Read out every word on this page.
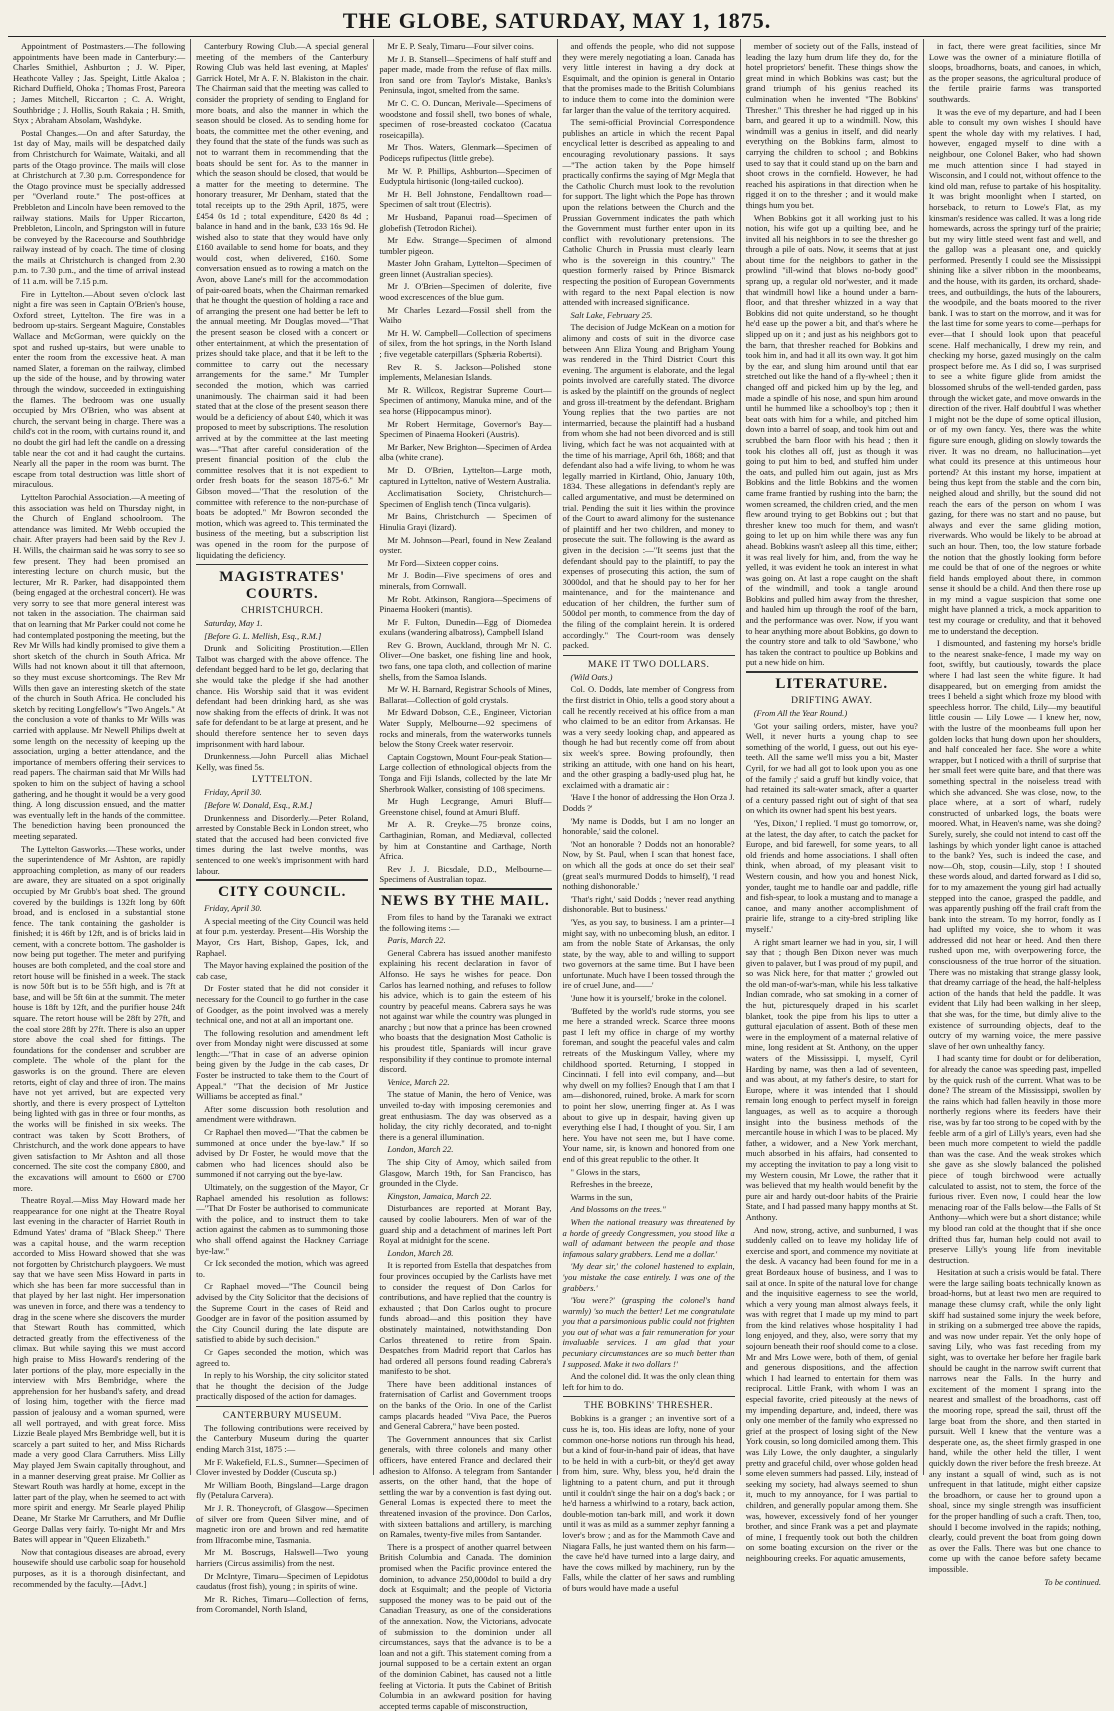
THE GLOBE, SATURDAY, MAY 1, 1875.

Appointment of Postmasters.—The following appointments have been made in Canterbury:—Charles Smithiel, Ashburton ; J. W. Piper, Heathcote Valley ; Jas. Speight, Little Akaloa ; Richard Duffield, Ohoka ; Thomas Frost, Pareora ; James Mitchell, Riccarton ; C. A. Wright, Southbridge ; J. Hollis, South Rakaia ; H. Smith, Styx ; Abraham Absolam, Washdyke.

Postal Changes.—On and after Saturday, the 1st day of May, mails will be despatched daily from Christchurch for Waimate, Waitaki, and all parts of the Otago province. The mails will close at Christchurch at 7.30 p.m. Correspondence for the Otago province must be specially addressed per "Overland route." The post-offices at Prebbleton and Lincoln have been removed to the railway stations. Mails for Upper Riccarton, Prebbleton, Lincoln, and Springston will in future be conveyed by the Racecourse and Southbridge railway instead of by coach. The time of closing the mails at Christchurch is changed from 2.30 p.m. to 7.30 p.m., and the time of arrival instead of 11 a.m. will be 7.15 p.m.

Fire in Lyttelton.—About seven o'clock last night a fire was seen in Captain O'Brien's house, Oxford street, Lyttelton. The fire was in a bedroom up-stairs. Sergeant Maguire, Constables Wallace and McGorman, were quickly on the spot and rushed up-stairs, but were unable to enter the room from the excessive heat. A man named Slater, a foreman on the railway, climbed up the side of the house, and by throwing water through the window, succeeded in extinguishing the flames. The bedroom was one usually occupied by Mrs O'Brien, who was absent at church, the servant being in charge. There was a child's cot in the room, with curtains round it, and no doubt the girl had left the candle on a dressing table near the cot and it had caught the curtains. Nearly all the paper in the room was burnt. The escape from total destruction was little short of miraculous.

Lyttelton Parochial Association.—A meeting of this association was held on Thursday night, in the Church of England schoolroom. The attendance was limited. Mr Webb occupied the chair. After prayers had been said by the Rev J. H. Wills, the chairman said he was sorry to see so few present. They had been promised an interesting lecture on church music, but the lecturer, Mr R. Parker, had disappointed them (being engaged at the orchestral concert). He was very sorry to see that more general interest was not taken in the association. The chairman said that on learning that Mr Parker could not come he had contemplated postponing the meeting, but the Rev Mr Wills had kindly promised to give them a short sketch of the church in South Africa. Mr Wills had not known about it till that afternoon, so they must excuse shortcomings. The Rev Mr Wills then gave an interesting sketch of the state of the church in South Africa. He concluded his sketch by reciting Longfellow's "Two Angels." At the conclusion a vote of thanks to Mr Wills was carried with applause. Mr Newell Philips dwelt at some length on the necessity of keeping up the association, urging a better attendance, and the importance of members offering their services to read papers. The chairman said that Mr Wills had spoken to him on the subject of having a school gathering, and he thought it would be a very good thing. A long discussion ensued, and the matter was eventually left in the hands of the committee. The benediction having been pronounced the meeting separated.

The Lyttelton Gasworks.—These works, under the superintendence of Mr Ashton, are rapidly approaching completion, as many of our readers are aware, they are situated on a spot originally occupied by Mr Grubb's boat shed. The ground covered by the buildings is 132ft long by 60ft broad, and is enclosed in a substantial stone fence. The tank containing the gasholder is finished; it is 46ft by 12ft, and is of bricks laid in cement, with a concrete bottom. The gasholder is now being put together. The meter and purifying houses are both completed, and the coal store and retort house will be finished in a week. The stack is now 50ft but is to be 55ft high, and is 7ft at base, and will be 5ft 6in at the summit. The meter house is 18ft by 12ft, and the purifier house 24ft square. The retort house will be 28ft by 27ft, and the coal store 28ft by 27ft. There is also an upper store above the coal shed for fittings. The foundations for the condenser and scrubber are complete. The whole of the plant for the gasworks is on the ground. There are eleven retorts, eight of clay and three of iron. The mains have not yet arrived, but are expected very shortly, and there is every prospect of Lyttelton being lighted with gas in three or four months, as the works will be finished in six weeks. The contract was taken by Scott Brothers, of Christchurch, and the work done appears to have given satisfaction to Mr Ashton and all those concerned. The site cost the company £800, and the excavations will amount to £600 or £700 more.

Theatre Royal.—Miss May Howard made her reappearance for one night at the Theatre Royal last evening in the character of Harriet Routh in Edmund Yates' drama of "Black Sheep." There was a capital house, and the warm reception accorded to Miss Howard showed that she was not forgotten by Christchurch playgoers. We must say that we have seen Miss Howard in parts in which she has been far more successful than in that played by her last night. Her impersonation was uneven in force, and there was a tendency to drag in the scene where she discovers the murder that Stewart Routh has committed, which detracted greatly from the effectiveness of the climax. But while saying this we must accord high praise to Miss Howard's rendering of the later portions of the play, more especially in the interview with Mrs Bembridge, where the apprehension for her husband's safety, and dread of losing him, together with the fierce mad passion of jealousy and a woman spurned, were all well portrayed, and with great force. Miss Lizzie Beale played Mrs Bembridge well, but it is scarcely a part suited to her, and Miss Richards made a very good Clara Carruthers. Miss Lilly May played Jem Swain capitally throughout, and in a manner deserving great praise. Mr Collier as Stewart Routh was hardly at home, except in the latter part of the play, when he seemed to act with more spirit and energy. Mr Searle played Philip Deane, Mr Starke Mr Carruthers, and Mr Duflie George Dallas very fairly. To-night Mr and Mrs Bates will appear in "Queen Elizabeth."

Now that contagious diseases are abroad, every housewife should use carbolic soap for household purposes, as it is a thorough disinfectant, and recommended by the faculty.—[Advt.]

Canterbury Rowing Club.—A special general meeting of the members of the Canterbury Rowing Club was held last evening, at Maples' Garrick Hotel, Mr A. F. N. Blakiston in the chair. The Chairman said that the meeting was called to consider the propriety of sending to England for more boats, and also the manner in which the season should be closed. As to sending home for boats, the committee met the other evening, and they found that the state of the funds was such as not to warrant them in recommending that the boats should be sent for. As to the manner in which the season should be closed, that would be a matter for the meeting to determine. The honorary treasurer, Mr Denham, stated that the total receipts up to the 29th April, 1875, were £454 0s 1d ; total expenditure, £420 8s 4d ; balance in hand and in the bank, £33 16s 9d. He wished also to state that they would have only £160 available to send home for boats, and they would cost, when delivered, £160. Some conversation ensued as to rowing a match on the Avon, above Lane's mill for the accommodation of pair-oared boats, when the Chairman remarked that he thought the question of holding a race and of arranging the present one had better be left to the annual meeting. Mr Douglas moved—"That the present season be closed with a concert or other entertainment, at which the presentation of prizes should take place, and that it be left to the committee to carry out the necessary arrangements for the same." Mr Tumpler seconded the motion, which was carried unanimously. The chairman said it had been stated that at the close of the present season there would be a deficiency of about £40, which it was proposed to meet by subscriptions. The resolution arrived at by the committee at the last meeting was—"That after careful consideration of the present financial position of the club the committee resolves that it is not expedient to order fresh boats for the season 1875-6." Mr Gibson moved—"That the resolution of the committee with reference to the non-purchase of boats be adopted." Mr Bowron seconded the motion, which was agreed to. This terminated the business of the meeting, but a subscription list was opened in the room for the purpose of liquidating the deficiency.

MAGISTRATES' COURTS.
CHRISTCHURCH.

Saturday, May 1.

[Before G. L. Mellish, Esq., R.M.]

Drunk and Soliciting Prostitution.—Ellen Talbot was charged with the above offence. The defendant begged hard to be let go, declaring that she would take the pledge if she had another chance. His Worship said that it was evident defendant had been drinking hard, as she was now shaking from the effects of drink. It was not safe for defendant to be at large at present, and he should therefore sentence her to seven days imprisonment with hard labour.

Drunkenness.—John Purcell alias Michael Kelly, was fined 5s.

LYTTELTON.

Friday, April 30.

[Before W. Donald, Esq., R.M.]

Drunkenness and Disorderly.—Peter Roland, arrested by Constable Beck in London street, who stated that the accused had been convicted five times during the last twelve months, was sentenced to one week's imprisonment with hard labour.

CITY COUNCIL.

Friday, April 30.

A special meeting of the City Council was held at four p.m. yesterday. Present—His Worship the Mayor, Crs Hart, Bishop, Gapes, Ick, and Raphael.

The Mayor having explained the position of the cab case,

Dr Foster stated that he did not consider it necessary for the Council to go further in the case of Goodger, as the point involved was a merely technical one, and not at all an important one.

The following resolution and amendment left over from Monday night were discussed at some length:—"That in case of an adverse opinion being given by the Judge in the cab cases, Dr Foster be instructed to take them to the Court of Appeal." "That the decision of Mr Justice Williams be accepted as final."

After some discussion both resolution and amendment were withdrawn.

Cr Raphael then moved—"That the cabmen be summoned at once under the bye-law." If so advised by Dr Foster, he would move that the cabmen who had licences should also be summoned if not carrying out the bye-law.

Ultimately, on the suggestion of the Mayor, Cr Raphael amended his resolution as follows:—"That Dr Foster be authorised to communicate with the police, and to instruct them to take action against the cabmen as to summoning those who shall offend against the Hackney Carriage bye-law."

Cr Ick seconded the motion, which was agreed to.

Cr Raphael moved—"The Council being advised by the City Solicitor that the decisions of the Supreme Court in the cases of Reid and Goodger are in favor of the position assumed by the City Council during the late dispute are satisfied to abide by such decision."

Cr Gapes seconded the motion, which was agreed to.

In reply to his Worship, the city solicitor stated that he thought the decision of the Judge practically disposed of the action for damages.

CANTERBURY MUSEUM.

The following contributions were received by the Canterbury Museum during the quarter ending March 31st, 1875 :—

Mr F. Wakefield, F.L.S., Sumner—Specimen of Clover invested by Dodder (Cuscuta sp.)

Mr William Booth, Bingsland—Large dragon fly (Petalura Carvera).

Mr J. R. Thoneycroft, of Glasgow—Specimen of silver ore from Queen Silver mine, and of magnetic iron ore and brown and red hæmatite from Ilfracombe mine, Tasmania.

Mr M. Boscrugs, Halswell—Two young harriers (Circus assimilis) from the nest.

Dr McIntyre, Timaru—Specimen of Lepidotus caudatus (frost fish), young ; in spirits of wine.

Mr R. Riches, Timaru—Collection of ferns, from Coromandel, North Island,

Mr E. P. Sealy, Timaru—Four silver coins.

Mr J. B. Stansell—Specimens of half stuff and paper made, made from the refuse of flax mills. Iron sand ore from Taylor's Mistake, Banks's Peninsula, ingot, smelted from the same.

Mr C. C. O. Duncan, Merivale—Specimens of woodstone and fossil shell, two bones of whale, specimen of rose-breasted cockatoo (Cacatua roseicapilla).

Mr Thos. Waters, Glenmark—Specimen of Podiceps rufipectus (little grebe).

Mr W. P. Phillips, Ashburton—Specimen of Eudyptula hirtisonic (long-tailed cuckoo).

Mr H. Bell Johnstone, Fendalltown road—Specimen of salt trout (Electris).

Mr Husband, Papanui road—Specimen of globefish (Tetrodon Richei).

Mr Edw. Strange—Specimen of almond tumbler pigeon.

Master John Graham, Lyttelton—Specimen of green linnet (Australian species).

Mr J. O'Brien—Specimen of dolerite, five wood excrescences of the blue gum.

Mr Charles Lezard—Fossil shell from the Waiho

Mr H. W. Campbell—Collection of specimens of silex, from the hot springs, in the North Island ; five vegetable caterpillars (Sphæria Robertsi).

Rev R. S. Jackson—Polished stone implements, Melanesian Islands.

Mr R. Willcox, Registrar Supreme Court—Specimen of antimony, Manuka mine, and of the sea horse (Hippocampus minor).

Mr Robert Hermitage, Governor's Bay—Specimen of Pinaema Hookeri (Austris).

Mr Barker, New Brighton—Specimen of Ardea alba (white crane).

Mr D. O'Brien, Lyttelton—Large moth, captured in Lyttelton, native of Western Australia.

Acclimatisation Society, Christchurch—Specimen of English tench (Tinca vulgaris).

Mr Bains, Christchurch — Specimen of Hinulia Grayi (lizard).

Mr M. Johnson—Pearl, found in New Zealand oyster.

Mr Ford—Sixteen copper coins.

Mr J. Bodin—Five specimens of ores and minerals, from Cornwall.

Mr Robt. Atkinson, Rangiora—Specimens of Pinaema Hookeri (mantis).

Mr F. Fulton, Dunedin—Egg of Diomedea exulans (wandering albatross), Campbell Island

Rev G. Brown, Auckland, through Mr N. C. Oliver—One basket, one fishing line and hook, two fans, one tapa cloth, and collection of marine shells, from the Samoa Islands.

Mr W. H. Barnard, Registrar Schools of Mines, Ballarat—Collection of gold crystals.

Mr Edward Dobson, C.E., Engineer, Victorian Water Supply, Melbourne—92 specimens of rocks and minerals, from the waterworks tunnels below the Stony Creek water reservoir.

Captain Cogstown, Mount Four-peak Station—Large collection of ethnological objects from the Tonga and Fiji Islands, collected by the late Mr Sherbrook Walker, consisting of 108 specimens.

Mr Hugh Lecgrange, Amuri Bluff—Greenstone chisel, found at Amuri Bluff.

Mr A. R. Creyke—75 bronze coins, Carthaginian, Roman, and Mediæval, collected by him at Constantine and Carthage, North Africa.

Rev J. J. Bicsdale, D.D., Melbourne—Specimens of Australian topaz.

NEWS BY THE MAIL.

From files to hand by the Taranaki we extract the following items :—

Paris, March 22.

General Cabrera has issued another manifesto explaining his recent declaration in favor of Alfonso. He says he wishes for peace. Don Carlos has learned nothing, and refuses to follow his advice, which is to gain the esteem of his country by peaceful means. Cabrera says he was not against war while the country was plunged in anarchy ; but now that a prince has been crowned who boasts that the designation Most Catholic is his proudest title, Spaniards will incur grave responsibility if they continue to promote internal discord.

Venice, March 22.

The statue of Manin, the hero of Venice, was unveiled to-day with imposing ceremonies and great enthusiasm. The day was observed as a holiday, the city richly decorated, and to-night there is a general illumination.

London, March 22.

The ship City of Amoy, which sailed from Glasgow, March 19th, for San Francisco, has grounded in the Clyde.

Kingston, Jamaica, March 22.

Disturbances are reported at Morant Bay, caused by coolie labourers. Men of war of the guard ship and a detachment of marines left Port Royal at midnight for the scene.

London, March 28.

It is reported from Estella that despatches from four provinces occupied by the Carlists have met to consider the request of Don Carlos for contributions, and have replied that the country is exhausted ; that Don Carlos ought to procure funds abroad—and this position they have obstinately maintained, notwithstanding Don Carlos threatened to retire from Spain. Despatches from Madrid report that Carlos has had ordered all persons found reading Cabrera's manifesto to be shot.

There have been additional instances of fraternisation of Carlist and Government troops on the banks of the Orio. In one of the Carlist camps placards headed "Viva Pace, the Pueros and General Cabrera," have been posted.

The Government announces that six Carlist generals, with three colonels and many other officers, have entered France and declared their adhesion to Alfonso. A telegram from Santander asserts, on the other hand, that the hope of settling the war by a convention is fast dying out. General Lomas is expected there to meet the threatened invasion of the province. Don Carlos, with sixteen battalions and artillery, is marching on Ramales, twenty-five miles from Santander.

There is a prospect of another quarrel between British Columbia and Canada. The dominion promised when the Pacific province entered the dominion, to advance 250,000dol to build a dry dock at Esquimalt; and the people of Victoria supposed the money was to be paid out of the Canadian Treasury, as one of the considerations of the annexation. Now, the Victorians, advocate of submission to the dominion under all circumstances, says that the advance is to be a loan and not a gift. This statement coming from a journal supposed to be a certain extent an organ of the dominion Cabinet, has caused not a little feeling at Victoria. It puts the Cabinet of British Columbia in an awkward position for having accepted terms capable of misconstruction,

and offends the people, who did not suppose they were merely negotiating a loan. Canada has very little interest in having a dry dock at Esquimalt, and the opinion is general in Ontario that the promises made to the British Columbians to induce them to come into the dominion were far larger than the value of the territory acquired.

The semi-official Provincial Correspondence publishes an article in which the recent Papal encyclical letter is described as appealing to and encouraging revolutionary passions. It says—"The action taken by the Pope himself practically confirms the saying of Mgr Megla that the Catholic Church must look to the revolution for support. The light which the Pope has thrown upon the relations between the Church and the Prussian Government indicates the path which the Government must further enter upon in its conflict with revolutionary pretensions. The Catholic Church in Prussia must clearly learn who is the sovereign in this country." The question formerly raised by Prince Bismarck respecting the position of European Governments with regard to the next Papal election is now attended with increased significance.

Salt Lake, February 25.

The decision of Judge McKean on a motion for alimony and costs of suit in the divorce case between Ann Eliza Young and Brigham Young was rendered in the Third District Court this evening. The argument is elaborate, and the legal points involved are carefully stated. The divorce is asked by the plaintiff on the grounds of neglect and gross ill-treatment by the defendant. Brigham Young replies that the two parties are not intermarried, because the plaintiff had a husband from whom she had not been divorced and is still living, which fact he was not acquainted with at the time of his marriage, April 6th, 1868; and that defendant also had a wife living, to whom he was legally married in Kirtland, Ohio, January 10th, 1834. These allegations in defendant's reply are called argumentative, and must be determined on trial. Pending the suit it lies within the province of the Court to award alimony for the sustenance of plaintiff and her two children, and money to prosecute the suit. The following is the award as given in the decision :—"It seems just that the defendant should pay to the plaintiff, to pay the expenses of prosecuting this action, the sum of 3000dol, and that he should pay to her for her maintenance, and for the maintenance and education of her children, the further sum of 500dol per month, to commence from the day of the filing of the complaint herein. It is ordered accordingly." The Court-room was densely packed.

MAKE IT TWO DOLLARS.

(Wild Oats.)

Col. O. Dodds, late member of Congress from the first district in Ohio, tells a good story about a call he recently received at his office from a man who claimed to be an editor from Arkansas. He was a very seedy looking chap, and appeared as though he had but recently come off from about six week's spree. Bowing profoundly, then striking an attitude, with one hand on his heart, and the other grasping a badly-used plug hat, he exclaimed with a dramatic air :

'Have I the honor of addressing the Hon Orza J. Dodds ?'

'My name is Dodds, but I am no longer an honorable,' said the colonel.

'Not an honorable ? Dodds not an honorable? Now, by St. Paul, when I scan that honest face, on which all the gods at once do set their seal' (great seal's murmured Dodds to himself), 'I read nothing dishonorable.'

'That's right,' said Dodds ; 'never read anything dishonorable. But to business.'

'Yes, as you say, to business. I am a printer—I might say, with no unbecoming blush, an editor. I am from the noble State of Arkansas, the only state, by the way, able to and willing to support two governors at the same time. But I have been unfortunate. Much have I been tossed through the ire of cruel June, and——'

'June how it is yourself,' broke in the colonel.

'Buffeted by the world's rude storms, you see me here a stranded wreck. Scarce three moons past I left my office in charge of my worthy foreman, and sought the peaceful vales and calm retreats of the Muskingum Valley, where my childhood sported. Returning, I stopped in Cincinnati. I fell into evil company, and—but why dwell on my follies? Enough that I am that I am—dishonored, ruined, broke. A mark for scorn to point her slow, unerring finger at. As I was about to give up in despair, having given up everything else I had, I thought of you. Sir, I am here. You have not seen me, but I have come. Your name, sir, is known and honored from one end of this great republic to the other. It

" Glows in the stars,

Refreshes in the breeze,

Warms in the sun,

And blossoms on the trees."

When the national treasury was threatened by a horde of greedy Congressmen, you stood like a wall of adamant between the people and those infamous salary grabbers. Lend me a dollar.'

'My dear sir,' the colonel hastened to explain, 'you mistake the case entirely. I was one of the grabbers.'

'You were?' (grasping the colonel's hand warmly) 'so much the better! Let me congratulate you that a parsimonious public could not frighten you out of what was a fair remuneration for your invaluable services. I am glad that your pecuniary circumstances are so much better than I supposed. Make it two dollars !'

And the colonel did. It was the only clean thing left for him to do.

THE BOBKINS' THRESHER.

Bobkins is a granger ; an inventive sort of a cuss he is, too. His ideas are lofty, none of your common one-horse notions run through his head, but a kind of four-in-hand pair of ideas, that have to be held in with a curb-bit, or they'd get away from him, sure. Why, bless you, he'd drain the lightning to a patent churn, and put it through until it couldn't singe the hair on a dog's back ; or he'd harness a whirlwind to a rotary, back action, double-motion tan-bark mill, and work it down until it was as mild as a summer zephyr fanning a lover's brow ; and as for the Mammoth Cave and Niagara Falls, he just wanted them on his farm—the cave he'd have turned into a large dairy, and have the cows milked by machinery, run by the Falls, while the clatter of her saws and rumbling of burs would have made a useful

member of society out of the Falls, instead of leading the lazy hum drum life they do, for the hotel proprietors' benefit. These things show the great mind in which Bobkins was cast; but the grand triumph of his genius reached its culmination when he invented "The Bobkins' Thresher." This thresher he had rigged up in his barn, and geared it up to a windmill. Now, this windmill was a genius in itself, and did nearly everything on the Bobkins farm, almost to carrying the children to school ; and Bobkins used to say that it could stand up on the barn and shoot crows in the cornfield. However, he had reached his aspirations in that direction when he rigged it on to the thresher ; and it would make things hum you bet.

When Bobkins got it all working just to his notion, his wife got up a quilting bee, and he invited all his neighbors in to see the thresher go through a pile of oats. Now, it seems that at just about time for the neighbors to gather in the prowlind "ill-wind that blows no-body good" sprang up, a regular old nor'wester, and it made that windmill howl like a hound under a barn-floor, and that thresher whizzed in a way that Bobkins did not quite understand, so he thought he'd ease up the power a bit, and that's where he slipped up on it ; and just as his neighbors got to the barn, that thresher reached for Bobkins and took him in, and had it all its own way. It got him by the ear, and slung him around until that ear stretched out like the hand of a fly-wheel ; then it changed off and picked him up by the leg, and made a spindle of his nose, and spun him around until he hummed like a schoolboy's top ; then it beat oats with him for a while, and pitched him down into a barrel of soap, and took him out and scrubbed the barn floor with his head ; then it took his clothes all off, just as though it was going to put him to bed, and stuffed him under the oats, and pulled him out again, just as Mrs Bobkins and the little Bobkins and the women came frame frantied by rushing into the barn; the women screamed, the children cried, and the men flew around trying to get Bobkins out ; but that thresher knew too much for them, and wasn't going to let up on him while there was any fun ahead. Bobkins wasn't asleep all this time, either; it was real lively for him, and, from the way he yelled, it was evident he took an interest in what was going on. At last a rope caught on the shaft of the windmill, and took a tangle around Bobkins and pulled him away from the thresher, and hauled him up through the roof of the barn, and the performance was over. Now, if you want to hear anything more about Bobkins, go down to the country store and talk to old 'Sawbone,' who has taken the contract to poultice up Bobkins and put a new hide on him.

LITERATURE.
DRIFTING AWAY.

(From All the Year Round.)

'Got your sailing orders, mister, have you? Well, it never hurts a young chap to see something of the world, I guess, out out his eye-teeth. All the same we'll miss you a bit, Master Cyril, for we had all got to look upon you as one of the family ;' said a gruff but kindly voice, that had retained its salt-water smack, after a quarter of a century passed right out of sight of that sea on which its owner had spent his best years.

'Yes, Dixon,' I replied. 'I must go tomorrow, or, at the latest, the day after, to catch the packet for Europe, and bid farewell, for some years, to all old friends and home associations. I shall often think, when abroad, of my pleasant visit to Western cousin, and how you and honest Nick, yonder, taught me to handle oar and paddle, rifle and fish-spear, to look a mustang and to manage a canoe, and many another accomplishment of prairie life, strange to a city-bred stripling like myself.'

A right smart learner we had in you, sir, I will say that ; though Ben Dixon never was much given to palaver, but I was proud of my pupil, and so was Nick here, for that matter ;' growled out the old man-of-war's-man, while his less talkative Indian comrade, who sat smoking in a corner of the hut, picturesquely draped in his scarlet blanket, took the pipe from his lips to utter a guttural ejaculation of assent. Both of these men were in the employment of a maternal relative of mine, long resident at St. Anthony, on the upper waters of the Mississippi. I, myself, Cyril Harding by name, was then a lad of seventeen, and was about, at my father's desire, to start for Europe, where it was intended that I should remain long enough to perfect myself in foreign languages, as well as to acquire a thorough insight into the business methods of the mercantile house in which I was to be placed. My father, a widower, and a New York merchant, much absorbed in his affairs, had consented to my accepting the invitation to pay a long visit to my Western cousin, Mr Lowe, the rather that it was believed that my health would benefit by the pure air and hardy out-door habits of the Prairie State, and I had passed many happy months at St. Anthony.

And now, strong, active, and sunburned, I was suddenly called on to leave my holiday life of exercise and sport, and commence my novitiate at the desk. A vacancy had been found for me in a great Bordeaux house of business, and I was to sail at once. In spite of the natural love for change and the inquisitive eagerness to see the world, which a very young man almost always feels, it was with regret that I made up my mind to part from the kind relatives whose hospitality I had long enjoyed, and they, also, were sorry that my sojourn beneath their roof should come to a close. Mr and Mrs Lowe were, both of them, of genial and generous dispositions, and the affection which I had learned to entertain for them was reciprocal. Little Frank, with whom I was an especial favorite, cried piteously at the news of my impending departure, and, indeed, there was only one member of the family who expressed no grief at the prospect of losing sight of the New York cousin, so long domiciled among them. This was Lily Lowe, the only daughter, a singularly pretty and graceful child, over whose golden head some eleven summers had passed. Lily, instead of seeking my society, had always seemed to shun it, much to my annoyance, for I was partial to children, and generally popular among them. She was, however, excessively fond of her younger brother, and since Frank was a pet and playmate of mine, I frequently took out both the children on some boating excursion on the river or the neighbouring creeks. For aquatic amusements,

in fact, there were great facilities, since Mr Lowe was the owner of a miniature flotilla of sloops, broadhorns, boats, and canoes, in which, as the proper seasons, the agricultural produce of the fertile prairie farms was transported southwards.

It was the eve of my departure, and had I been able to consult my own wishes I should have spent the whole day with my relatives. I had, however, engaged myself to dine with a neighbour, one Colonel Baker, who had shown me much attention since I had stayed in Wisconsin, and I could not, without offence to the kind old man, refuse to partake of his hospitality. It was bright moonlight when I started, on horseback, to return to Lowe's Flat, as my kinsman's residence was called. It was a long ride homewards, across the springy turf of the prairie; but my wiry little steed went fast and well, and the gallop was a pleasant one, and quickly performed. Presently I could see the Mississippi shining like a silver ribbon in the moonbeams, and the house, with its garden, its orchard, shade-trees, and outbuildings, the huts of the labourers, the woodpile, and the boats moored to the river bank. I was to start on the morrow, and it was for the last time for some years to come—perhaps for ever—that I should look upon that peaceful scene. Half mechanically, I drew my rein, and checking my horse, gazed musingly on the calm prospect before me. As I did so, I was surprised to see a white figure glide from amidst the blossomed shrubs of the well-tended garden, pass through the wicket gate, and move onwards in the direction of the river. Half doubtful I was whether I might not be the dupe of some optical illusion, or of my own fancy. Yes, there was the white figure sure enough, gliding on slowly towards the river. It was no dream, no hallucination—yet what could its presence at this untimeous hour portend? At this instant my horse, impatient at being thus kept from the stable and the corn bin, neighed aloud and shrilly, but the sound did not reach the ears of the person on whom I was gazing, for there was no start and no pause, but always and ever the same gliding motion, riverwards. Who would be likely to be abroad at such an hour. Then, too, the low stature forbade the notion that the ghostly looking form before me could be that of one of the negroes or white field hands employed about there, in common sense it should be a child. And then there rose up in my mind a vague suspicion that some one might have planned a trick, a mock apparition to test my courage or credulity, and that it behoved me to understand the deception.

I dismounted, and fastening my horse's bridle to the nearest snake-fence, I made my way on foot, swiftly, but cautiously, towards the place where I had last seen the white figure. It had disappeared, but on emerging from amidst the trees I beheld a sight which froze my blood with speechless horror. The child, Lily—my beautiful little cousin — Lily Lowe — I knew her, now, with the lustre of the moonbeams full upon her golden locks that hung down upon her shoulders, and half concealed her face. She wore a white wrapper, but I noticed with a thrill of surprise that her small feet were quite bare, and that there was something spectral in the noiseless tread with which she advanced. She was close, now, to the place where, at a sort of wharf, rudely constructed of unbarked logs, the boats were moored. What, in Heaven's name, was she doing? Surely, surely, she could not intend to cast off the lashings by which yonder light canoe is attached to the bank? Yes, such is indeed the case, and now—Oh, stop, cousin—Lily, stop ! I shouted these words aloud, and darted forward as I did so, for to my amazement the young girl had actually stepped into the canoe, grasped the paddle, and was apparently pushing off the frail craft from the bank into the stream. To my horror, fondly as I had uplifted my voice, she to whom it was addressed did not hear or heed. And then there rushed upon me, with overpowering force, the consciousness of the true horror of the situation. There was no mistaking that strange glassy look, that dreamy carriage of the head, the half-helpless action of the hands that held the paddle. It was evident that Lily had been walking in her sleep, that she was, for the time, but dimly alive to the existence of surrounding objects, deaf to the outcry of my warning voice, the mere passive slave of her own unhealthy fancy.

I had scanty time for doubt or for deliberation, for already the canoe was speeding past, impelled by the quick rush of the current. What was to be done? The stream of the Mississippi, swollen by the rains which had fallen heavily in those more northerly regions where its feeders have their rise, was by far too strong to be coped with by the feeble arm of a girl of Lilly's years, even had she been much more competent to wield the paddle than was the case. And the weak strokes which she gave as she slowly balanced the polished piece of tough birchwood were actually calculated to assist, not to stem, the force of the furious river. Even now, I could hear the low menacing roar of the Falls below—the Falls of St Anthony—which were but a short distance; while my blood ran cold at the thought that if she once drifted thus far, human help could not avail to preserve Lilly's young life from inevitable destruction.

Hesitation at such a crisis would be fatal. There were the large sailing boats technically known as broad-horns, but at least two men are required to manage these clumsy craft, while the only light skiff had sustained some injury the week before, in striking on a submerged tree above the rapids, and was now under repair. Yet the only hope of saving Lily, who was fast receding from my sight, was to overtake her before her fragile bark should be caught in the narrow swift current that narrows near the Falls. In the hurry and excitement of the moment I sprang into the nearest and smallest of the broadhorns, cast off the mooring rope, spread the sail, thrust off the large boat from the shore, and then started in pursuit. Well I knew that the venture was a desperate one, as, the sheet firmly grasped in one hand, while the other held the tiller, I went quickly down the river before the fresh breeze. At any instant a squall of wind, such as is not unfrequent in that latitude, might either capsize the broadhorn, or cause her to ground upon a shoal, since my single strength was insufficient for the proper handling of such a craft. Then, too, should I become involved in the rapids; nothing, clearly, could prevent the boat from going down as over the Falls. There was but one chance to come up with the canoe before safety became impossible.

To be continued.
